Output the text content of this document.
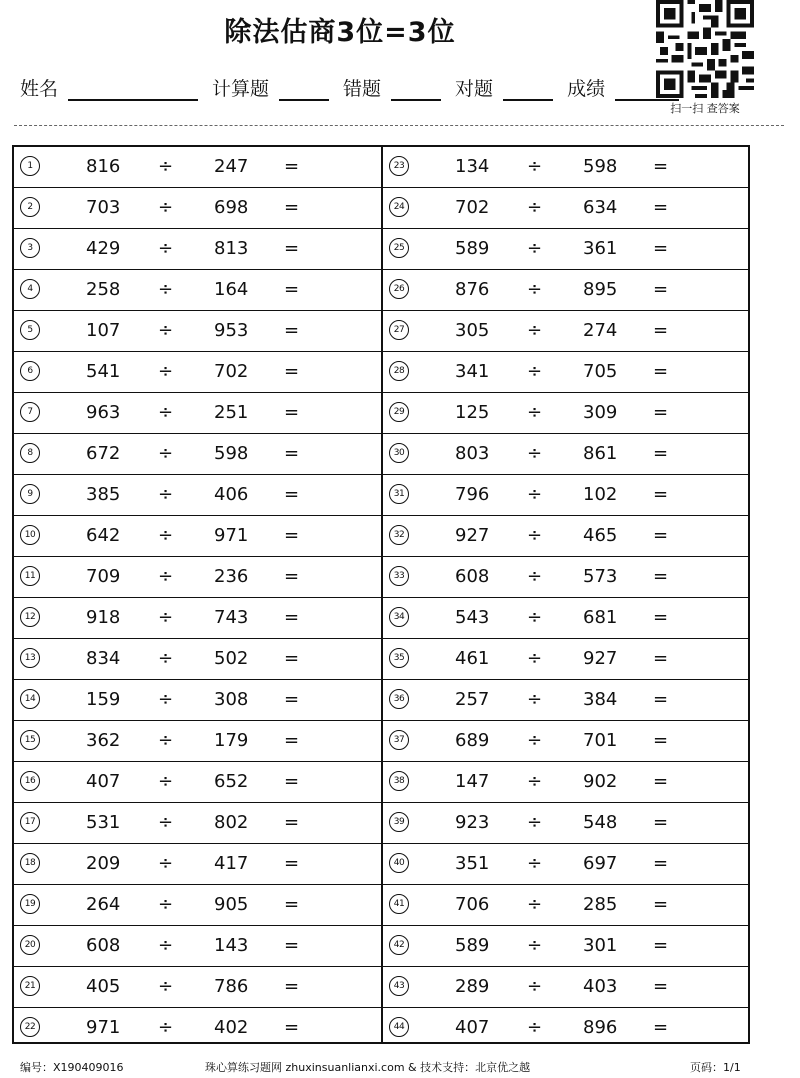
除法估商3位=3位
姓名	计算题	错题	对题	成绩
扫一扫 查答案
1	816 ÷ 247 =
2	703 ÷ 698 =
3	429 ÷ 813 =
4	258 ÷ 164 =
5	107 ÷ 953 =
6	541 ÷ 702 =
7	963 ÷ 251 =
8	672 ÷ 598 =
9	385 ÷ 406 =
10	642 ÷ 971 =
11	709 ÷ 236 =
12	918 ÷ 743 =
13	834 ÷ 502 =
14	159 ÷ 308 =
15	362 ÷ 179 =
16	407 ÷ 652 =
17	531 ÷ 802 =
18	209 ÷ 417 =
19	264 ÷ 905 =
20	608 ÷ 143 =
21	405 ÷ 786 =
22	971 ÷ 402 =
23	134 ÷ 598 =
24	702 ÷ 634 =
25	589 ÷ 361 =
26	876 ÷ 895 =
27	305 ÷ 274 =
28	341 ÷ 705 =
29	125 ÷ 309 =
30	803 ÷ 861 =
31	796 ÷ 102 =
32	927 ÷ 465 =
33	608 ÷ 573 =
34	543 ÷ 681 =
35	461 ÷ 927 =
36	257 ÷ 384 =
37	689 ÷ 701 =
38	147 ÷ 902 =
39	923 ÷ 548 =
40	351 ÷ 697 =
41	706 ÷ 285 =
42	589 ÷ 301 =
43	289 ÷ 403 =
44	407 ÷ 896 =
编号：X190409016	珠心算练习题网 zhuxinsuanlianxi.com & 技术支持：北京优之越	页码：1/1
